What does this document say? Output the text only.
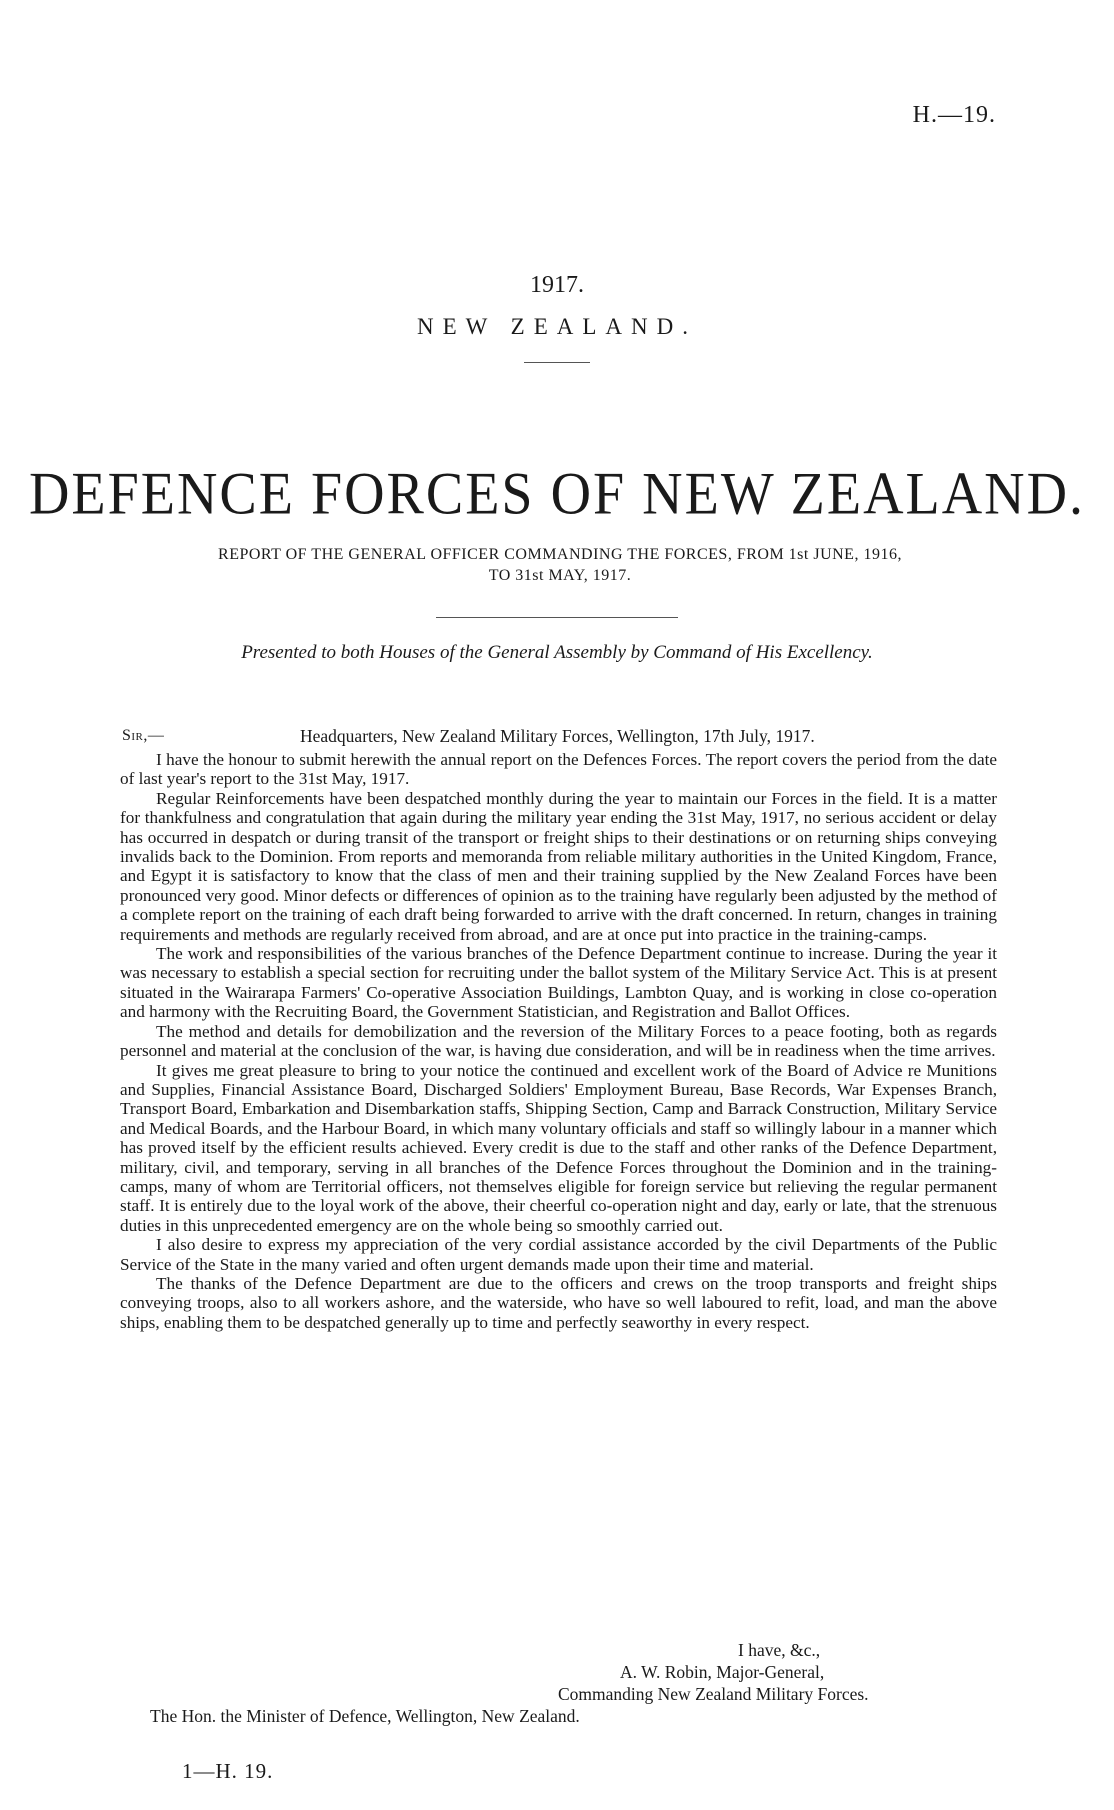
H.—19.
1917.
NEW ZEALAND.
DEFENCE FORCES OF NEW ZEALAND.
REPORT OF THE GENERAL OFFICER COMMANDING THE FORCES, FROM 1st JUNE, 1916,
TO 31st MAY, 1917.
Presented to both Houses of the General Assembly by Command of His Excellency.
Sir,—	Headquarters, New Zealand Military Forces, Wellington, 17th July, 1917.

I have the honour to submit herewith the annual report on the Defences Forces. The report covers the period from the date of last year's report to the 31st May, 1917.

Regular Reinforcements have been despatched monthly during the year to maintain our Forces in the field. It is a matter for thankfulness and congratulation that again during the military year ending the 31st May, 1917, no serious accident or delay has occurred in despatch or during transit of the transport or freight ships to their destinations or on returning ships conveying invalids back to the Dominion. From reports and memoranda from reliable military authorities in the United Kingdom, France, and Egypt it is satisfactory to know that the class of men and their training supplied by the New Zealand Forces have been pronounced very good. Minor defects or differences of opinion as to the training have regularly been adjusted by the method of a complete report on the training of each draft being forwarded to arrive with the draft concerned. In return, changes in training requirements and methods are regularly received from abroad, and are at once put into practice in the training-camps.

The work and responsibilities of the various branches of the Defence Department continue to increase. During the year it was necessary to establish a special section for recruiting under the ballot system of the Military Service Act. This is at present situated in the Wairarapa Farmers' Co-operative Association Buildings, Lambton Quay, and is working in close co-operation and harmony with the Recruiting Board, the Government Statistician, and Registration and Ballot Offices.

The method and details for demobilization and the reversion of the Military Forces to a peace footing, both as regards personnel and material at the conclusion of the war, is having due consideration, and will be in readiness when the time arrives.

It gives me great pleasure to bring to your notice the continued and excellent work of the Board of Advice re Munitions and Supplies, Financial Assistance Board, Discharged Soldiers' Employment Bureau, Base Records, War Expenses Branch, Transport Board, Embarkation and Disembarkation staffs, Shipping Section, Camp and Barrack Construction, Military Service and Medical Boards, and the Harbour Board, in which many voluntary officials and staff so willingly labour in a manner which has proved itself by the efficient results achieved. Every credit is due to the staff and other ranks of the Defence Department, military, civil, and temporary, serving in all branches of the Defence Forces throughout the Dominion and in the training-camps, many of whom are Territorial officers, not themselves eligible for foreign service but relieving the regular permanent staff. It is entirely due to the loyal work of the above, their cheerful co-operation night and day, early or late, that the strenuous duties in this unprecedented emergency are on the whole being so smoothly carried out.

I also desire to express my appreciation of the very cordial assistance accorded by the civil Departments of the Public Service of the State in the many varied and often urgent demands made upon their time and material.

The thanks of the Defence Department are due to the officers and crews on the troop transports and freight ships conveying troops, also to all workers ashore, and the waterside, who have so well laboured to refit, load, and man the above ships, enabling them to be despatched generally up to time and perfectly seaworthy in every respect.

I have, &c.,
A. W. Robin, Major-General,
Commanding New Zealand Military Forces.
The Hon. the Minister of Defence, Wellington, New Zealand.
1—H. 19.
